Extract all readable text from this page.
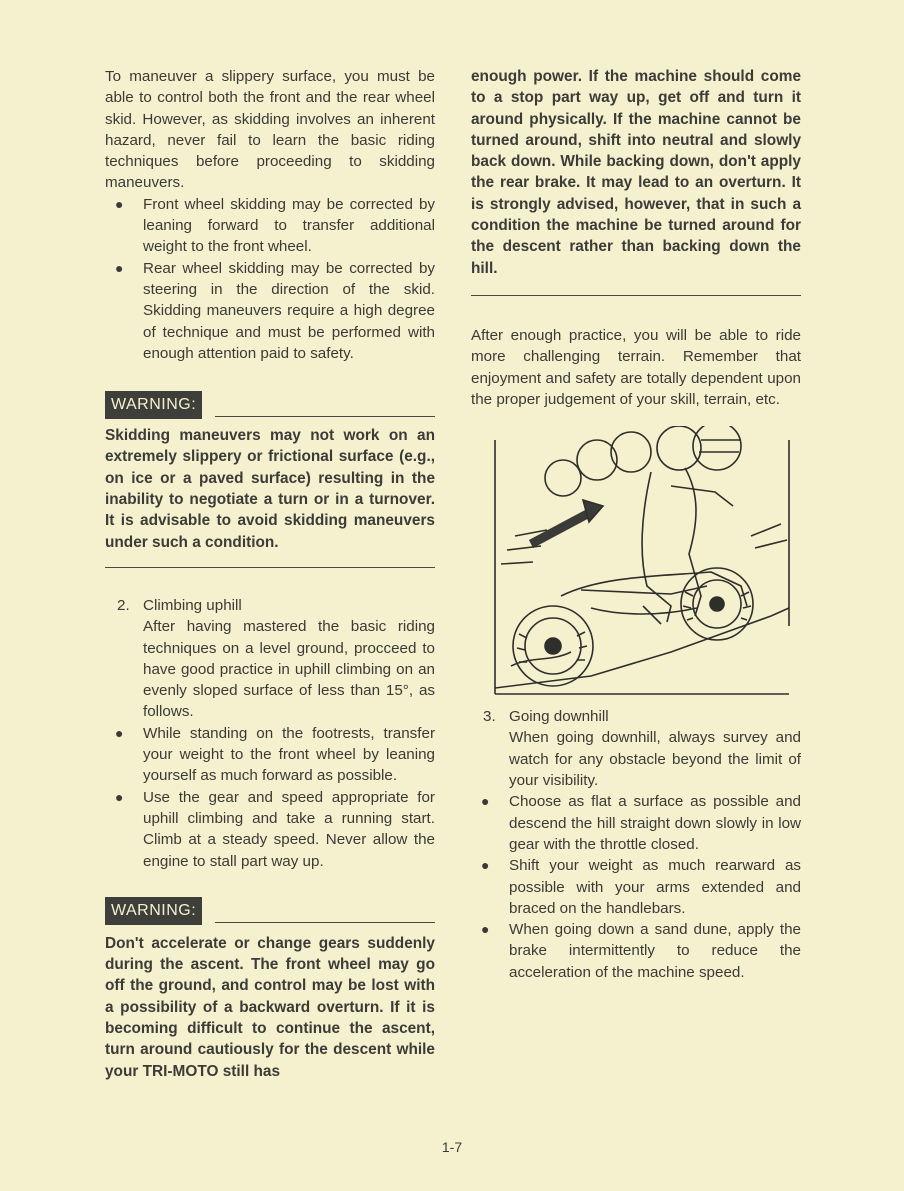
To maneuver a slippery surface, you must be able to control both the front and the rear wheel skid. However, as skidding involves an inherent hazard, never fail to learn the basic riding techniques before proceeding to skidding maneuvers.

● Front wheel skidding may be corrected by leaning forward to transfer additional weight to the front wheel.
● Rear wheel skidding may be corrected by steering in the direction of the skid. Skidding maneuvers require a high degree of technique and must be performed with enough attention paid to safety.
WARNING:

Skidding maneuvers may not work on an extremely slippery or frictional surface (e.g., on ice or a paved surface) resulting in the inability to negotiate a turn or in a turnover. It is advisable to avoid skidding maneuvers under such a condition.

2. Climbing uphill

After having mastered the basic riding techniques on a level ground, procceed to have good practice in uphill climbing on an evenly sloped surface of less than 15°, as follows.

● While standing on the footrests, transfer your weight to the front wheel by leaning yourself as much forward as possible.
● Use the gear and speed appropriate for uphill climbing and take a running start. Climb at a steady speed. Never allow the engine to stall part way up.
WARNING:

Don't accelerate or change gears suddenly during the ascent. The front wheel may go off the ground, and control may be lost with a possibility of a backward overturn. If it is becoming difficult to continue the ascent, turn around cautiously for the descent while your TRI-MOTO still has

enough power. If the machine should come to a stop part way up, get off and turn it around physically. If the machine cannot be turned around, shift into neutral and slowly back down. While backing down, don't apply the rear brake. It may lead to an overturn. It is strongly advised, however, that in such a condition the machine be turned around for the descent rather than backing down the hill.

After enough practice, you will be able to ride more challenging terrain. Remember that enjoyment and safety are totally dependent upon the proper judgement of your skill, terrain, etc.

3. Going downhill

When going downhill, always survey and watch for any obstacle beyond the limit of your visibility.

● Choose as flat a surface as possible and descend the hill straight down slowly in low gear with the throttle closed.
● Shift your weight as much rearward as possible with your arms extended and braced on the handlebars.
● When going down a sand dune, apply the brake intermittently to reduce the acceleration of the machine speed.
1-7
